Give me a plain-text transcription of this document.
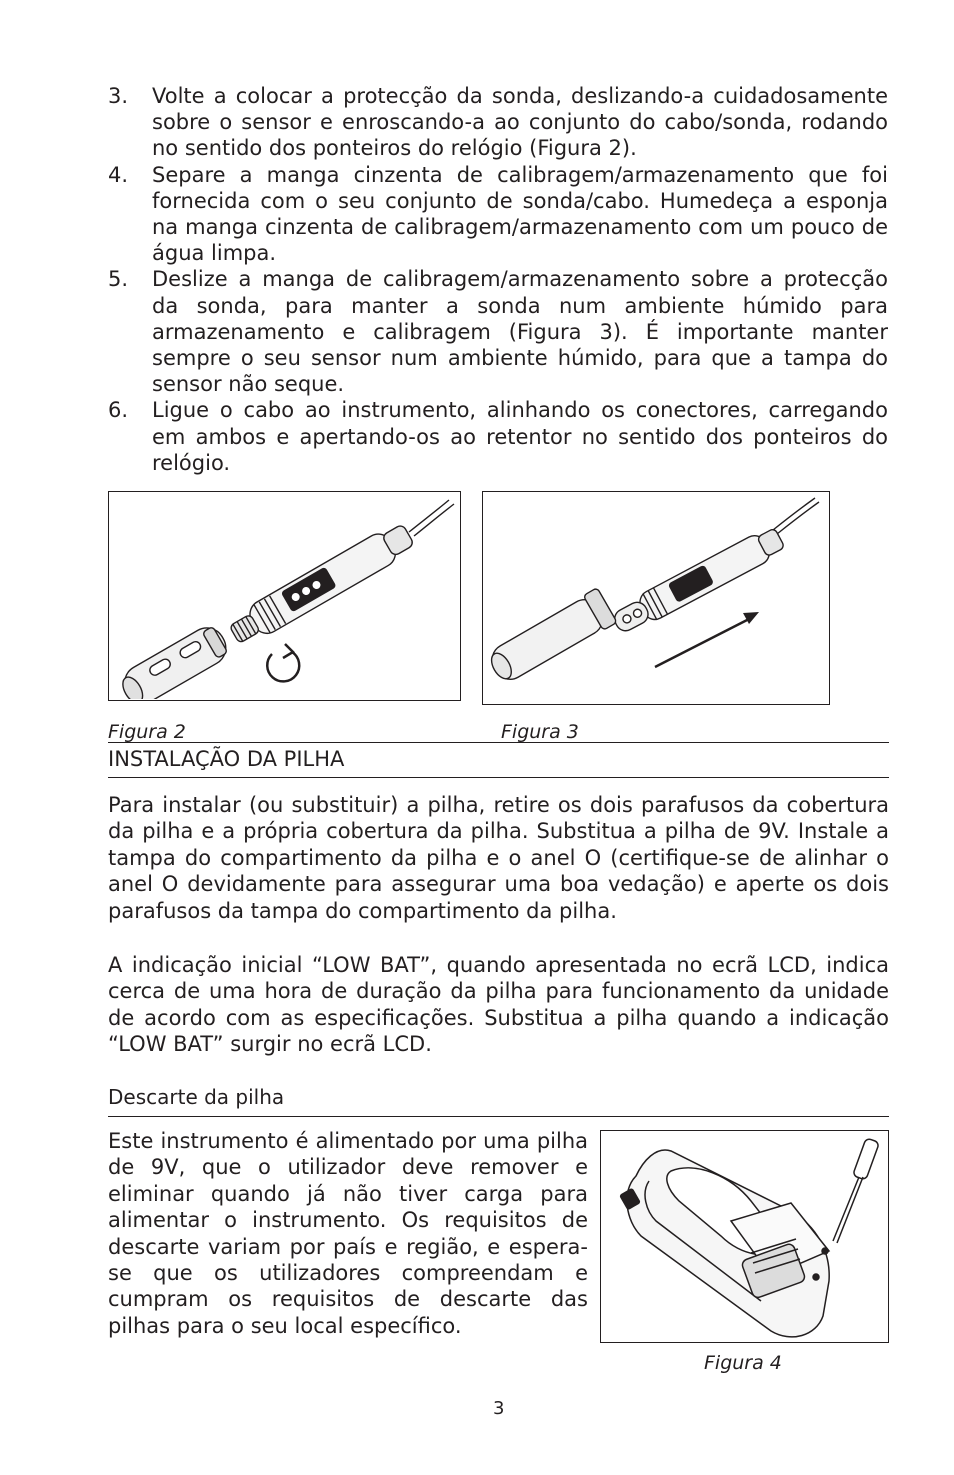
3. Volte a colocar a protecção da sonda, deslizando-a cuidadosamente sobre o sensor e enroscando-a ao conjunto do cabo/sonda, rodando no sentido dos ponteiros do relógio (Figura 2).
4. Separe a manga cinzenta de calibragem/armazenamento que foi fornecida com o seu conjunto de sonda/cabo. Humedeça a esponja na manga cinzenta de calibragem/armazenamento com um pouco de água limpa.
5. Deslize a manga de calibragem/armazenamento sobre a protecção da sonda, para manter a sonda num ambiente húmido para armazenamento e calibragem (Figura 3). É importante manter sempre o seu sensor num ambiente húmido, para que a tampa do sensor não seque.
6. Ligue o cabo ao instrumento, alinhando os conectores, carregando em ambos e apertando-os ao retentor no sentido dos ponteiros do relógio.
Figura 2	Figura 3
INSTALAÇÃO DA PILHA

Para instalar (ou substituir) a pilha, retire os dois parafusos da cobertura da pilha e a própria cobertura da pilha. Substitua a pilha de 9V. Instale a tampa do compartimento da pilha e o anel O (certifique-se de alinhar o anel O devidamente para assegurar uma boa vedação) e aperte os dois parafusos da tampa do compartimento da pilha.

A indicação inicial “LOW BAT”, quando apresentada no ecrã LCD, indica cerca de uma hora de duração da pilha para funcionamento da unidade de acordo com as especificações. Substitua a pilha quando a indicação “LOW BAT” surgir no ecrã LCD.

Descarte da pilha

Este instrumento é alimentado por uma pilha de 9V, que o utilizador deve remover e eliminar quando já não tiver carga para alimentar o instrumento. Os requisitos de descarte variam por país e região, e espera-se que os utilizadores compreendam e cumpram os requisitos de descarte das pilhas para o seu local específico.

Figura 4
3
